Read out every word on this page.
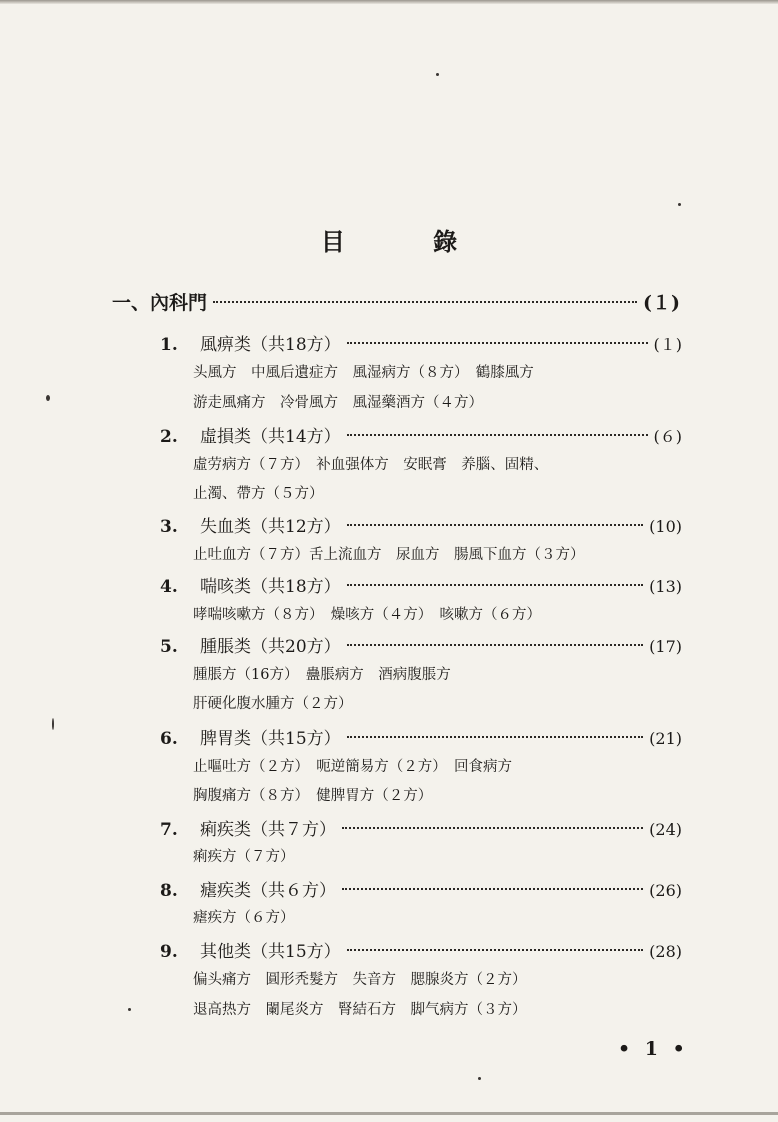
目 錄
一、內科門	(１)
1.	風痹类（共18方）	(１)
头風方　中風后遺症方　風湿病方（８方）　鶴膝風方
游走風痛方　冷骨風方　風湿藥酒方（４方）
2.	虛損类（共14方）	(６)
虛劳病方（７方）　补血强体方　安眠膏　养腦、固精、
止濁、帶方（５方）
3.	失血类（共12方）	(10)
止吐血方（７方）舌上流血方　尿血方　腸風下血方（３方）
4.	喘咳类（共18方）	(13)
哮喘咳嗽方（８方）　燥咳方（４方）　咳嗽方（６方）
5.	腫脹类（共20方）	(17)
腫脹方（16方）　蠱脹病方　酒病腹脹方
肝硬化腹水腫方（２方）
6.	脾胃类（共15方）	(21)
止嘔吐方（２方）　呃逆簡易方（２方）　回食病方
胸腹痛方（８方）　健脾胃方（２方）
7.	痢疾类（共７方）	(24)
痢疾方（７方）
8.	瘧疾类（共６方）	(26)
瘧疾方（６方）
9.	其他类（共15方）	(28)
偏头痛方　圓形秃髮方　失音方　腮腺炎方（２方）
退高热方　闌尾炎方　腎結石方　脚气病方（３方）
• 1 •
